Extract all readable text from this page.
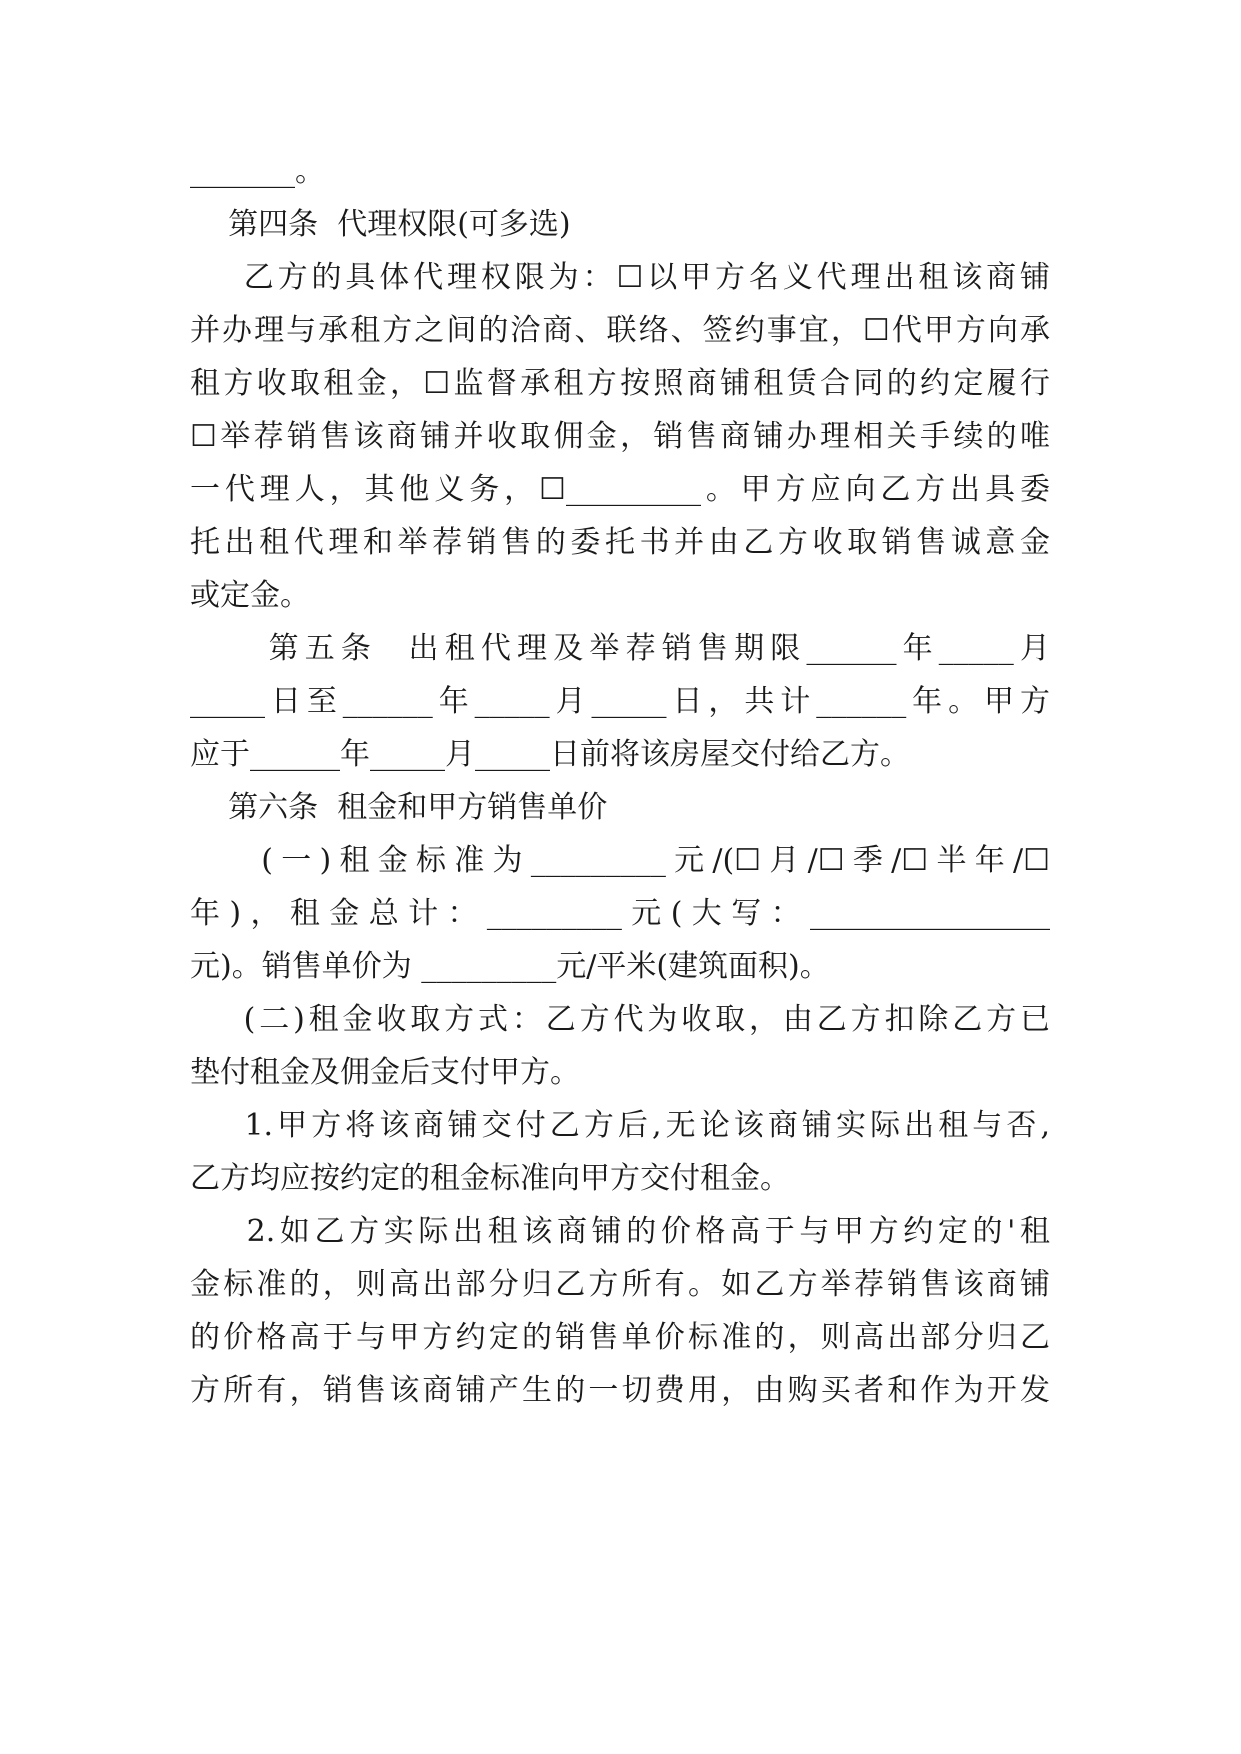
_______。
第四条  代理权限(可多选)
乙方的具体代理权限为：☐以甲方名义代理出租该商铺
并办理与承租方之间的洽商、联络、签约事宜，☐代甲方向承
租方收取租金，☐监督承租方按照商铺租赁合同的约定履行
☐举荐销售该商铺并收取佣金，销售商铺办理相关手续的唯
一代理人，其他义务，☐_________。甲方应向乙方出具委
托出租代理和举荐销售的委托书并由乙方收取销售诚意金
或定金。
第五条  出租代理及举荐销售期限______年_____月
_____日至______年_____月_____日，共计______年。甲方
应于______年_____月_____日前将该房屋交付给乙方。
第六条  租金和甲方销售单价
(一)租金标准为_________元/(☐月/☐季/☐半年/☐
年)，租金总计：_________元(大写：________________
元)。销售单价为 _________元/平米(建筑面积)。
(二)租金收取方式：乙方代为收取，由乙方扣除乙方已
垫付租金及佣金后支付甲方。
1.甲方将该商铺交付乙方后,无论该商铺实际出租与否,
乙方均应按约定的租金标准向甲方交付租金。
2.如乙方实际出租该商铺的价格高于与甲方约定的'租
金标准的，则高出部分归乙方所有。如乙方举荐销售该商铺
的价格高于与甲方约定的销售单价标准的，则高出部分归乙
方所有，销售该商铺产生的一切费用，由购买者和作为开发
